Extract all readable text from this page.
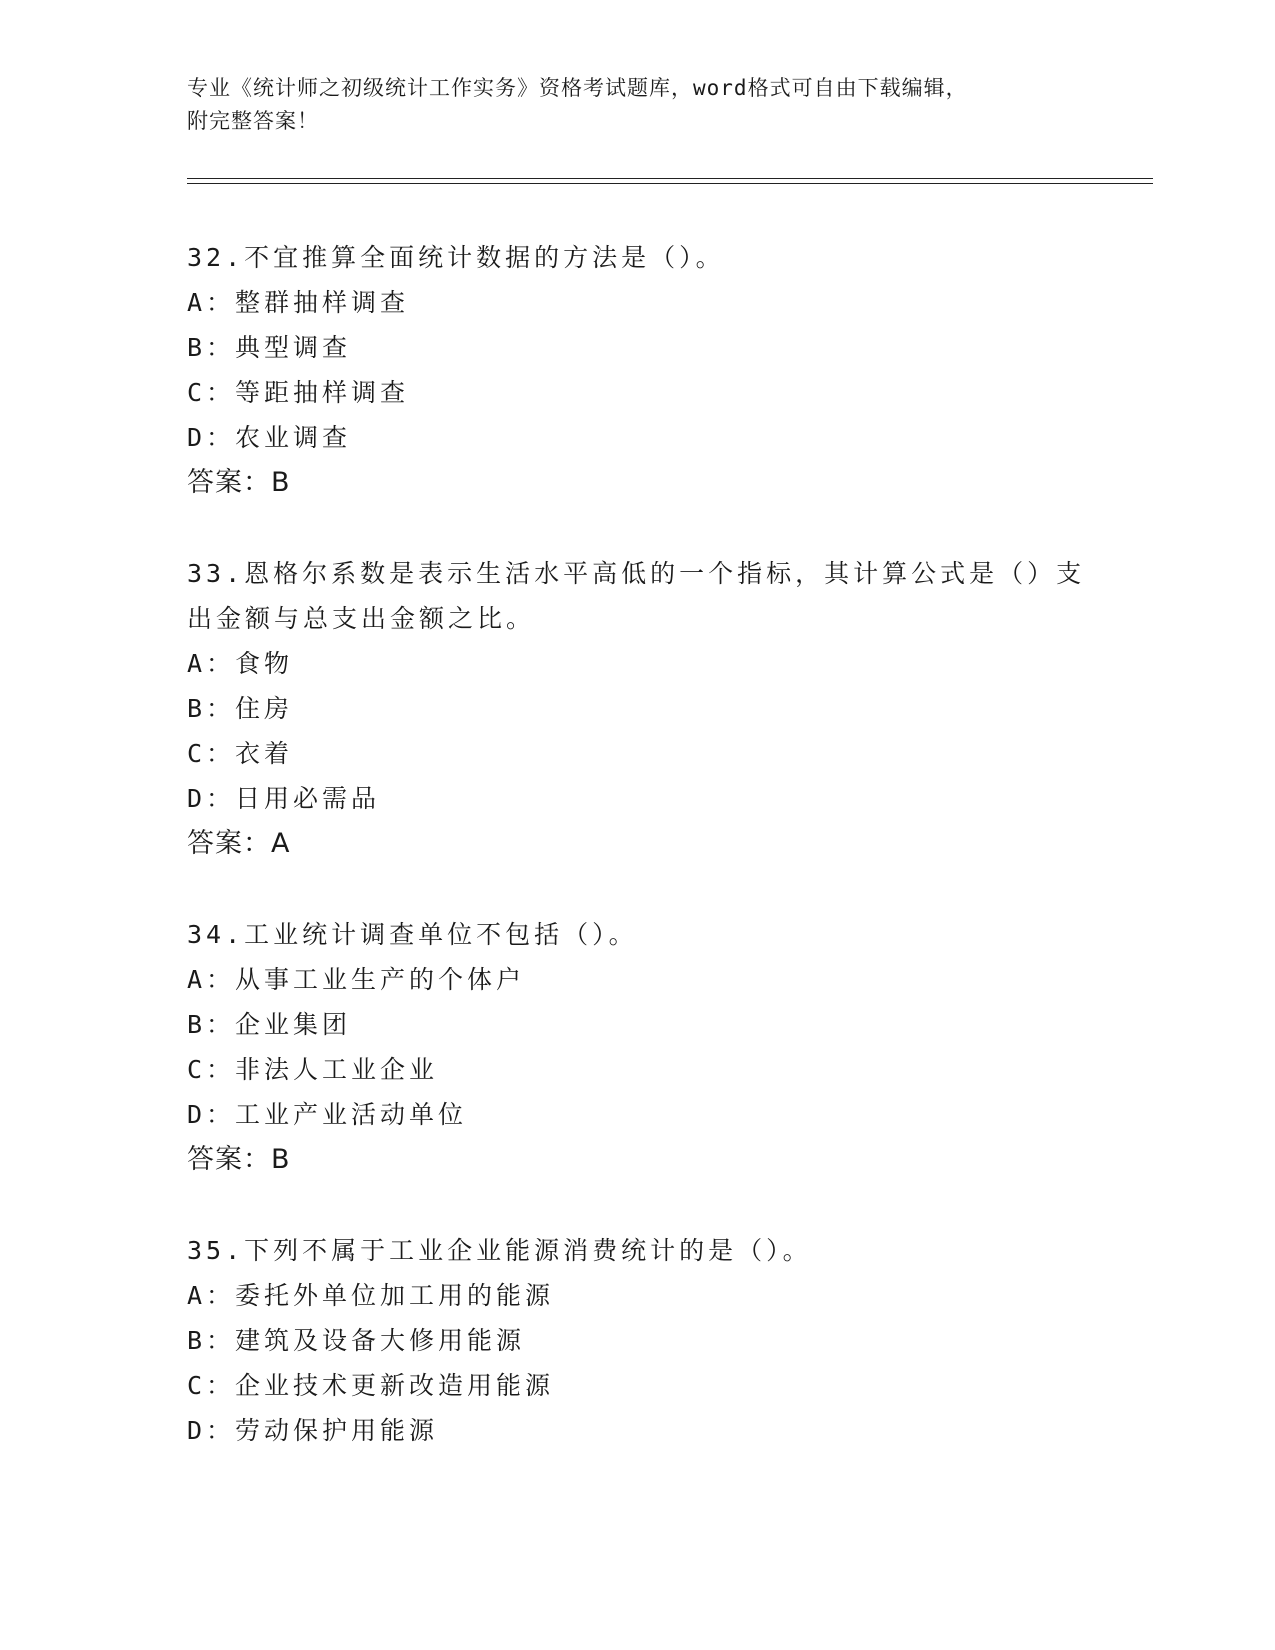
专业《统计师之初级统计工作实务》资格考试题库，word格式可自由下载编辑，
附完整答案！
32.不宜推算全面统计数据的方法是（）。
A：整群抽样调查
B：典型调查
C：等距抽样调查
D：农业调查
答案：B
33.恩格尔系数是表示生活水平高低的一个指标，其计算公式是（）支出金额与总支出金额之比。
A：食物
B：住房
C：衣着
D：日用必需品
答案：A
34.工业统计调查单位不包括（）。
A：从事工业生产的个体户
B：企业集团
C：非法人工业企业
D：工业产业活动单位
答案：B
35.下列不属于工业企业能源消费统计的是（）。
A：委托外单位加工用的能源
B：建筑及设备大修用能源
C：企业技术更新改造用能源
D：劳动保护用能源
